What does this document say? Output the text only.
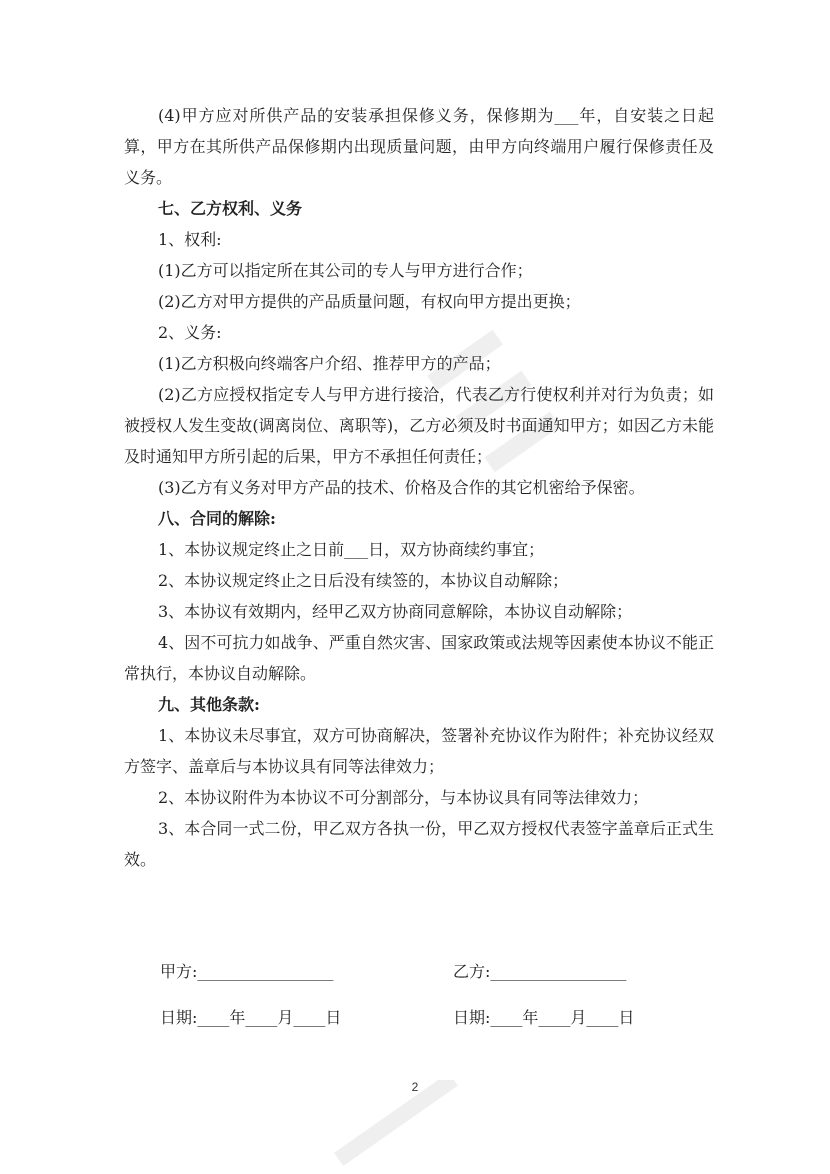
(4)甲方应对所供产品的安装承担保修义务，保修期为___年，自安装之日起算，甲方在其所供产品保修期内出现质量问题，由甲方向终端用户履行保修责任及义务。

七、乙方权利、义务

1、权利:

(1)乙方可以指定所在其公司的专人与甲方进行合作；

(2)乙方对甲方提供的产品质量问题，有权向甲方提出更换；

2、义务:

(1)乙方积极向终端客户介绍、推荐甲方的产品；

(2)乙方应授权指定专人与甲方进行接洽，代表乙方行使权利并对行为负责；如被授权人发生变故(调离岗位、离职等)，乙方必须及时书面通知甲方；如因乙方未能及时通知甲方所引起的后果，甲方不承担任何责任；

(3)乙方有义务对甲方产品的技术、价格及合作的其它机密给予保密。

八、合同的解除:

1、本协议规定终止之日前___日，双方协商续约事宜；

2、本协议规定终止之日后没有续签的，本协议自动解除；

3、本协议有效期内，经甲乙双方协商同意解除，本协议自动解除；

4、因不可抗力如战争、严重自然灾害、国家政策或法规等因素使本协议不能正常执行，本协议自动解除。

九、其他条款:

1、本协议未尽事宜，双方可协商解决，签署补充协议作为附件；补充协议经双方签字、盖章后与本协议具有同等法律效力；

2、本协议附件为本协议不可分割部分，与本协议具有同等法律效力；

3、本合同一式二份，甲乙双方各执一份，甲乙双方授权代表签字盖章后正式生效。

甲方:_________________	乙方:_________________
日期:____年____月____日	日期:____年____月____日
2
